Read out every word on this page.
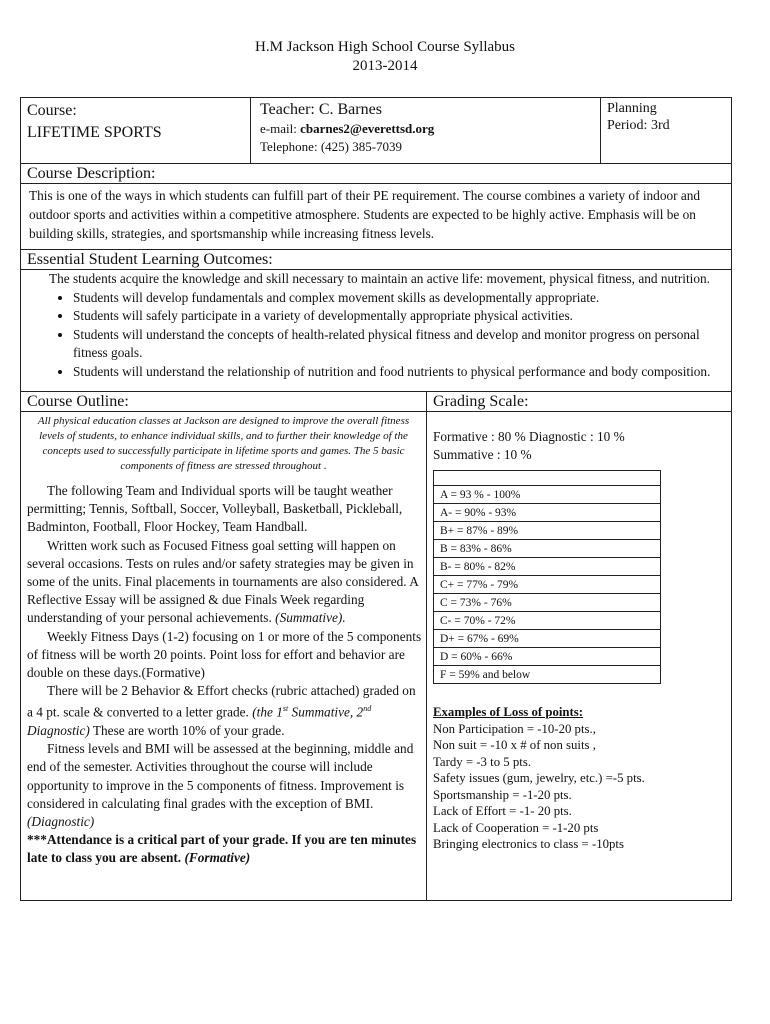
H.M Jackson High School Course Syllabus
2013-2014
Course:
LIFETIME SPORTS
Teacher: C. Barnes
e-mail: cbarnes2@everettsd.org
Telephone: (425) 385-7039
Planning
Period: 3rd
Course Description:
This is one of the ways in which students can fulfill part of their PE requirement. The course combines a variety of indoor and outdoor sports and activities within a competitive atmosphere. Students are expected to be highly active. Emphasis will be on building skills, strategies, and sportsmanship while increasing fitness levels.
Essential Student Learning Outcomes:
The students acquire the knowledge and skill necessary to maintain an active life: movement, physical fitness, and nutrition.
• Students will develop fundamentals and complex movement skills as developmentally appropriate.
• Students will safely participate in a variety of developmentally appropriate physical activities.
• Students will understand the concepts of health-related physical fitness and develop and monitor progress on personal fitness goals.
• Students will understand the relationship of nutrition and food nutrients to physical performance and body composition.
Course Outline:
All physical education classes at Jackson are designed to improve the overall fitness levels of students, to enhance individual skills, and to further their knowledge of the concepts used to successfully participate in lifetime sports and games. The 5 basic components of fitness are stressed throughout .

The following Team and Individual sports will be taught weather permitting; Tennis, Softball, Soccer, Volleyball, Basketball, Pickleball, Badminton, Football, Floor Hockey, Team Handball.

Written work such as Focused Fitness goal setting will happen on several occasions. Tests on rules and/or safety strategies may be given in some of the units. Final placements in tournaments are also considered. A Reflective Essay will be assigned & due Finals Week regarding understanding of your personal achievements. (Summative).

Weekly Fitness Days (1-2) focusing on 1 or more of the 5 components of fitness will be worth 20 points. Point loss for effort and behavior are double on these days.(Formative)

There will be 2 Behavior & Effort checks (rubric attached) graded on a 4 pt. scale & converted to a letter grade. (the 1st Summative, 2nd Diagnostic) These are worth 10% of your grade.

Fitness levels and BMI will be assessed at the beginning, middle and end of the semester. Activities throughout the course will include opportunity to improve in the 5 components of fitness. Improvement is considered in calculating final grades with the exception of BMI. (Diagnostic)

***Attendance is a critical part of your grade. If you are ten minutes late to class you are absent. (Formative)

Grading Scale:
Formative : 80 % Diagnostic : 10 %
Summative : 10 %

A = 93 % - 100%
A- = 90% - 93%
B+ = 87% - 89%
B = 83% - 86%
B- = 80% - 82%
C+ = 77% - 79%
C = 73% - 76%
C- = 70% - 72%
D+ = 67% - 69%
D = 60% - 66%
F = 59% and below
Examples of Loss of points:
Non Participation = -10-20 pts.,
Non suit = -10 x # of non suits ,
Tardy = -3 to 5 pts.
Safety issues (gum, jewelry, etc.) =-5 pts.
Sportsmanship = -1-20 pts.
Lack of Effort = -1- 20 pts.
Lack of Cooperation = -1-20 pts
Bringing electronics to class = -10pts
